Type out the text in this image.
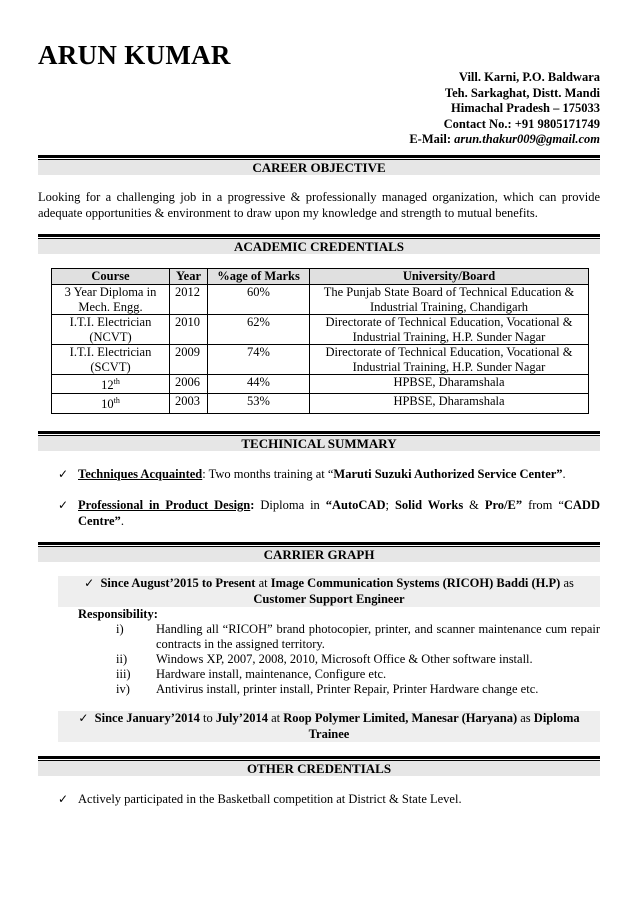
ARUN KUMAR
Vill. Karni, P.O. Baldwara
Teh. Sarkaghat, Distt. Mandi
Himachal Pradesh – 175033
Contact No.: +91 9805171749
E-Mail: arun.thakur009@gmail.com
CAREER OBJECTIVE
Looking for a challenging job in a progressive & professionally managed organization, which can provide adequate opportunities & environment to draw upon my knowledge and strength to mutual benefits.
ACADEMIC CREDENTIALS
Course	Year	%age of Marks	University/Board
3 Year Diploma in Mech. Engg.	2012	60%	The Punjab State Board of Technical Education & Industrial Training, Chandigarh
I.T.I. Electrician (NCVT)	2010	62%	Directorate of Technical Education, Vocational & Industrial Training, H.P. Sunder Nagar
I.T.I. Electrician (SCVT)	2009	74%	Directorate of Technical Education, Vocational & Industrial Training, H.P. Sunder Nagar
12th	2006	44%	HPBSE, Dharamshala
10th	2003	53%	HPBSE, Dharamshala
TECHINICAL SUMMARY
✓ Techniques Acquainted: Two months training at “Maruti Suzuki Authorized Service Center”.
✓ Professional in Product Design: Diploma in “AutoCAD; Solid Works & Pro/E” from “CADD Centre”.
CARRIER GRAPH
✓ Since August’2015 to Present at Image Communication Systems (RICOH) Baddi (H.P) as
Customer Support Engineer
Responsibility:
i)	Handling all “RICOH” brand photocopier, printer, and scanner maintenance cum repair contracts in the assigned territory.
ii)	Windows XP, 2007, 2008, 2010, Microsoft Office & Other software install.
iii)	Hardware install, maintenance, Configure etc.
iv)	Antivirus install, printer install, Printer Repair, Printer Hardware change etc.
✓ Since January’2014 to July’2014 at Roop Polymer Limited, Manesar (Haryana) as Diploma Trainee
OTHER CREDENTIALS
✓ Actively participated in the Basketball competition at District & State Level.
